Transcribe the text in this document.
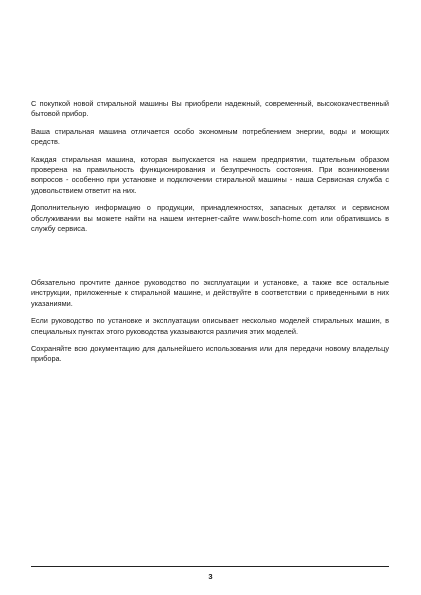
С покупкой новой стиральной машины Вы приобрели надежный, современный, высококачественный бытовой прибор.

Ваша стиральная машина отличается особо экономным потреблением энергии, воды и моющих средств.

Каждая стиральная машина, которая выпускается на нашем предприятии, тщательным образом проверена на правильность функционирования и безупречность состояния. При возникновении вопросов - особенно при установке и подключении стиральной машины - наша Сервисная служба с удовольствием ответит на них.

Дополнительную информацию о продукции, принадлежностях, запасных деталях и сервисном обслуживании вы можете найти на нашем интернет-сайте www.bosch-home.com или обратившись в службу сервиса.

Обязательно прочтите данное руководство по эксплуатации и установке, а также все остальные инструкции, приложенные к стиральной машине, и действуйте в соответствии с приведенными в них указаниями.

Если руководство по установке и эксплуатации описывает несколько моделей стиральных машин, в специальных пунктах этого руководства указываются различия этих моделей.

Сохраняйте всю документацию для дальнейшего использования или для передачи новому владельцу прибора.

3
